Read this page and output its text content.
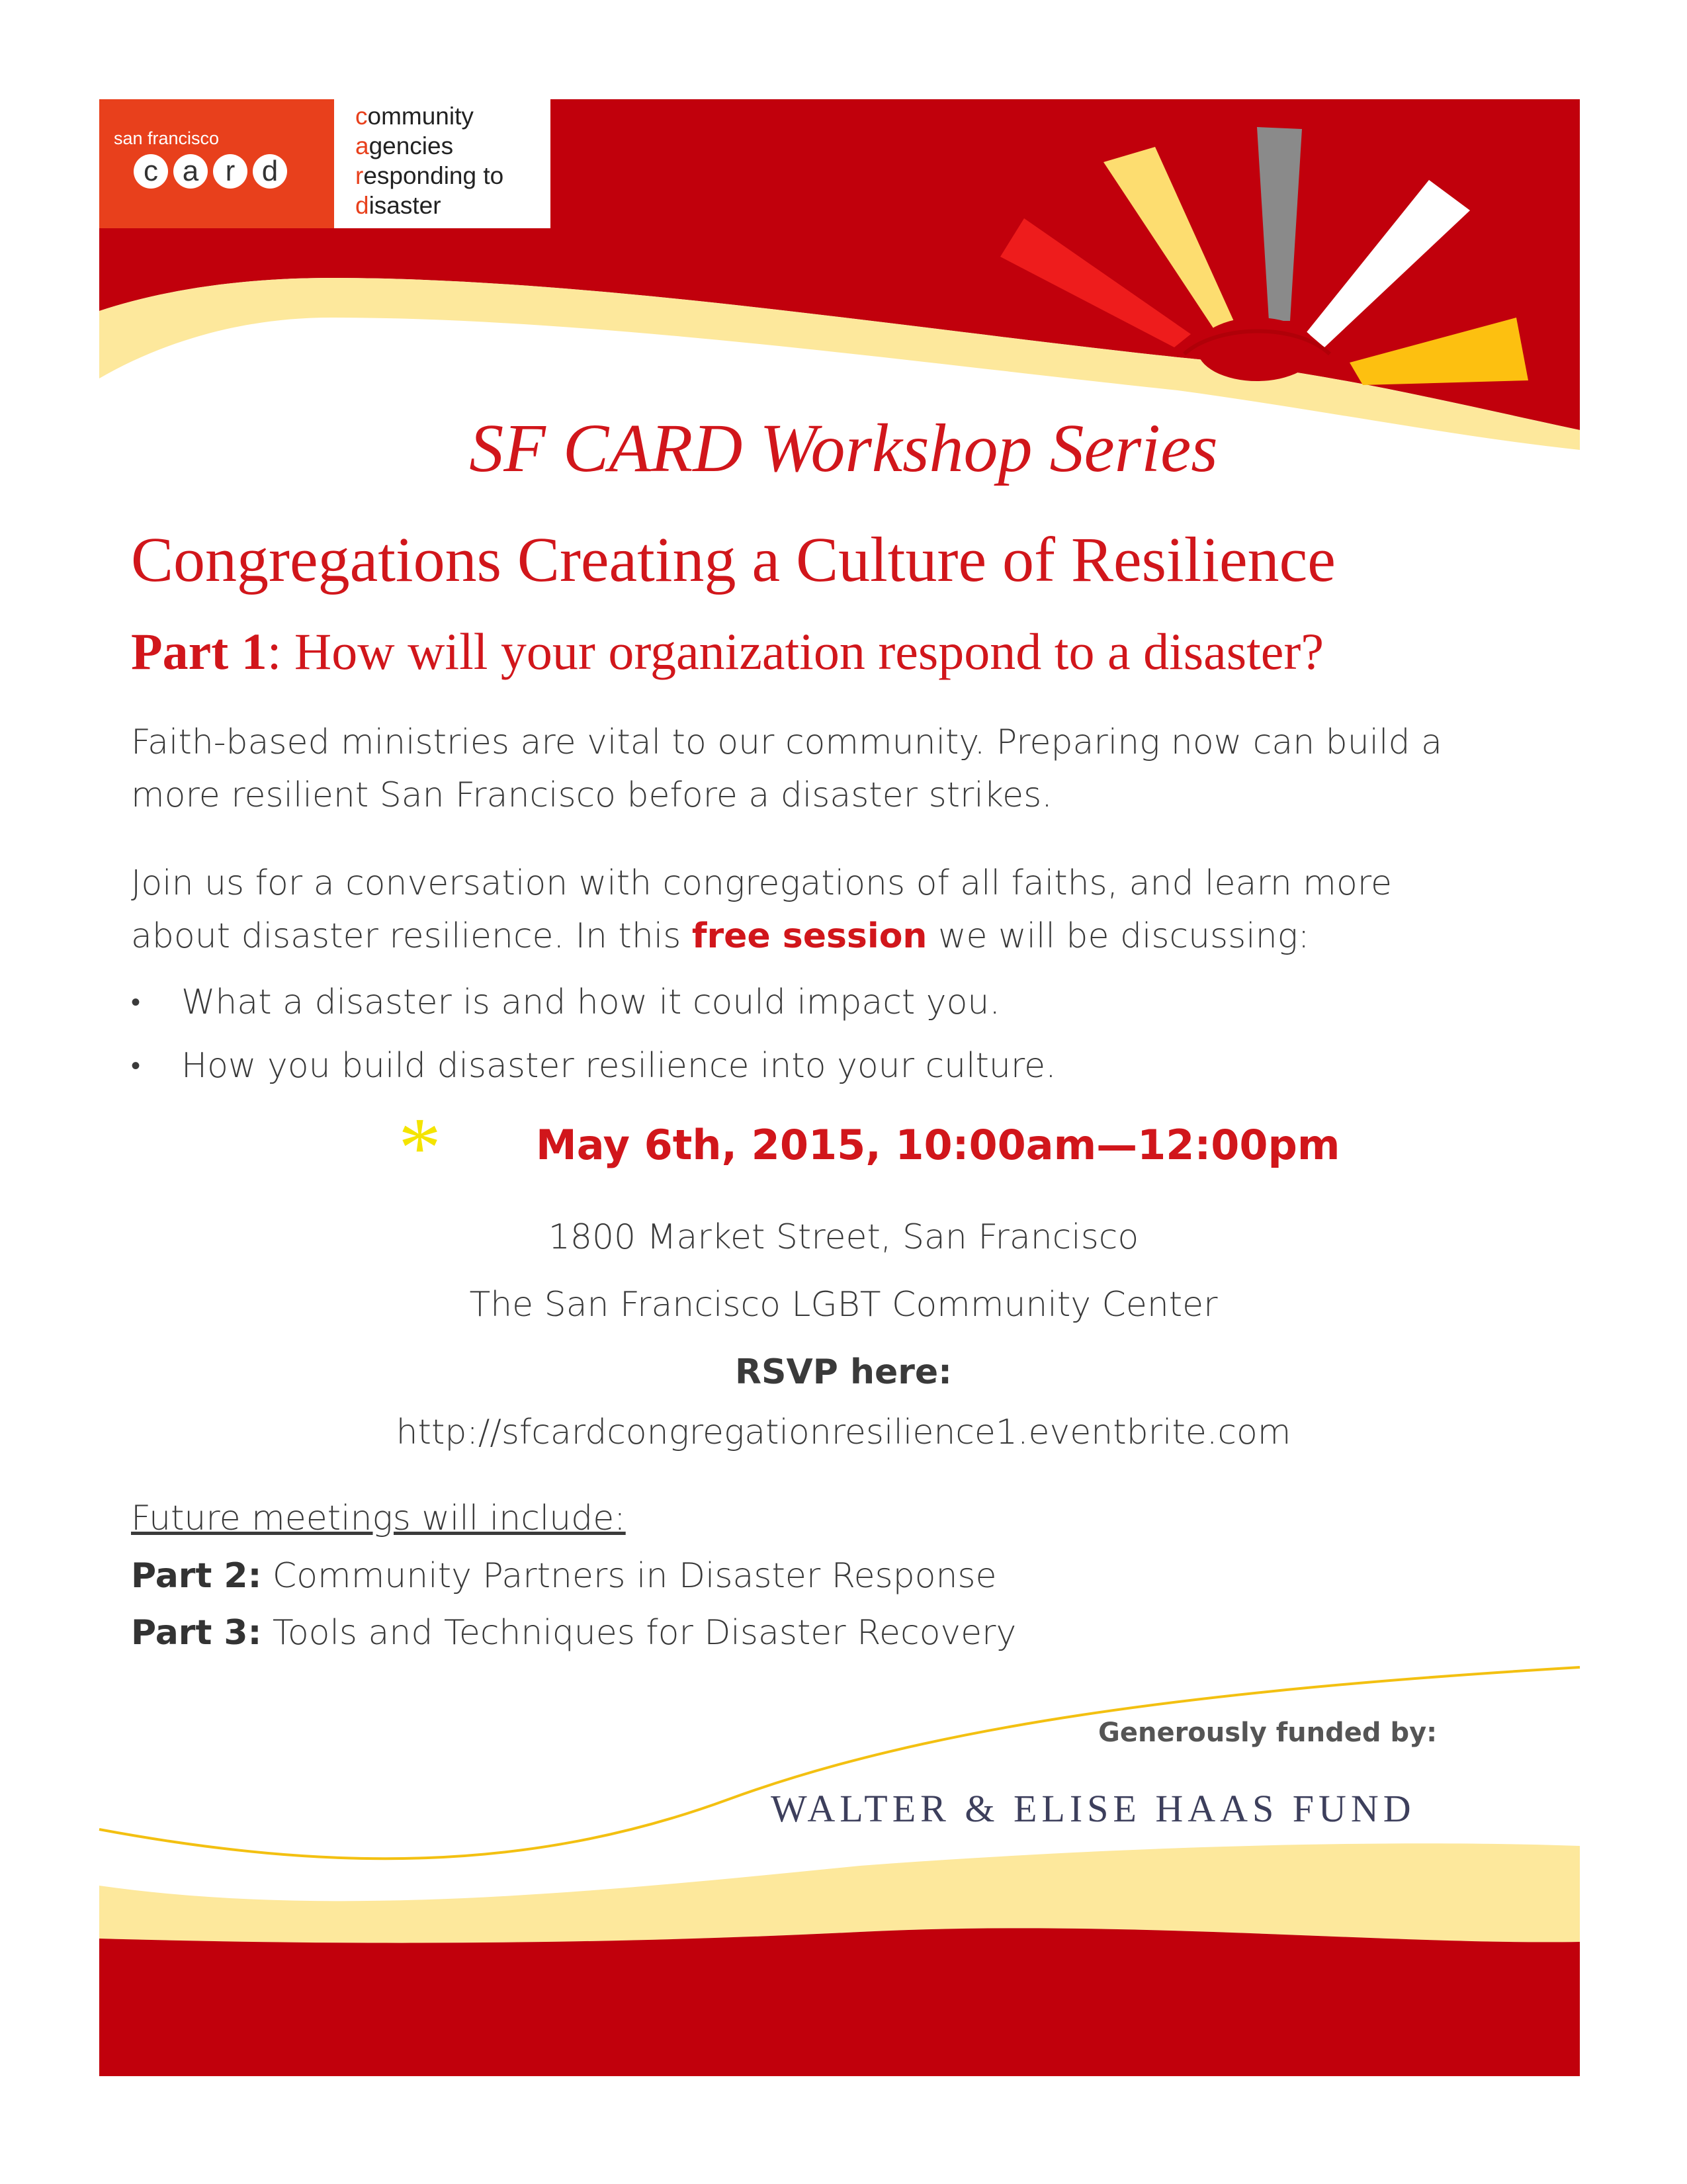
san francisco
c a r d
community
agencies
responding to
disaster
SF CARD Workshop Series
Congregations Creating a Culture of Resilience
Part 1: How will your organization respond to a disaster?
Faith-based ministries are vital to our community. Preparing now can build a
more resilient San Francisco before a disaster strikes.
Join us for a conversation with congregations of all faiths, and learn more
about disaster resilience. In this free session we will be discussing:
• What a disaster is and how it could impact you.
• How you build disaster resilience into your culture.
* May 6th, 2015, 10:00am—12:00pm
1800 Market Street, San Francisco
The San Francisco LGBT Community Center
RSVP here:
http://sfcardcongregationresilience1.eventbrite.com
Future meetings will include:
Part 2: Community Partners in Disaster Response
Part 3: Tools and Techniques for Disaster Recovery
Generously funded by:
WALTER & ELISE HAAS FUND
